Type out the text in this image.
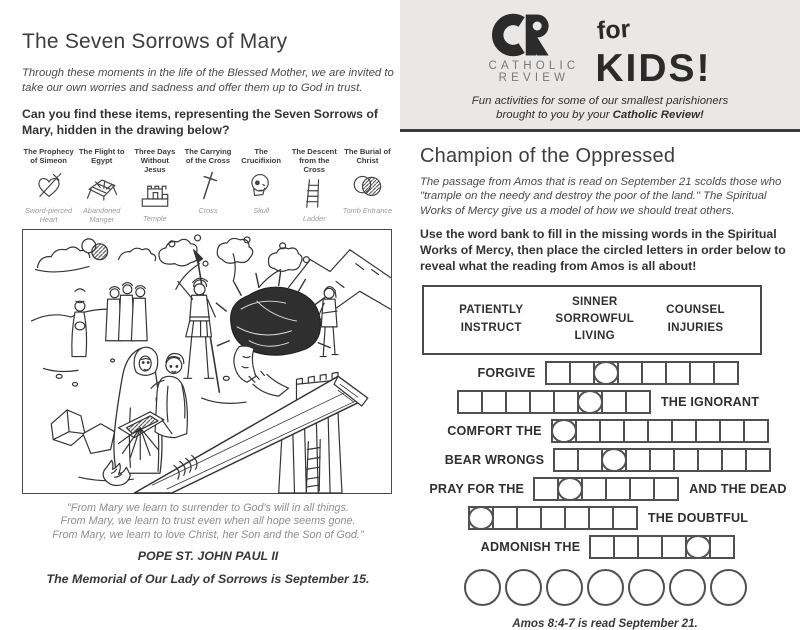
The Seven Sorrows of Mary

Through these moments in the life of the Blessed Mother, we are invited to take our own worries and sadness and offer them up to God in trust.

Can you find these items, representing the Seven Sorrows of Mary, hidden in the drawing below?

The Prophecy of Simeon
Sword-pierced Heart
The Flight to Egypt
Abandoned Manger
Three Days Without Jesus
Temple
The Carrying of the Cross
Cross
The Crucifixion
Skull
The Descent from the Cross
Ladder
The Burial of Christ
Tomb Entrance
"From Mary we learn to surrender to God's will in all things.
From Mary, we learn to trust even when all hope seems gone.
From Mary, we learn to love Christ, her Son and the Son of God."

POPE ST. JOHN PAUL II

The Memorial of Our Lady of Sorrows is September 15.

CATHOLIC
REVIEW
for
KIDS!
Fun activities for some of our smallest parishioners
brought to you by your Catholic Review!
Champion of the Oppressed

The passage from Amos that is read on September 21 scolds those who "trample on the needy and destroy the poor of the land." The Spiritual Works of Mercy give us a model of how we should treat others.

Use the word bank to fill in the missing words in the Spiritual Works of Mercy, then place the circled letters in order below to reveal what the reading from Amos is all about!

PATIENTLY
INSTRUCT
SINNER
SORROWFUL
LIVING
COUNSEL
INJURIES
FORGIVE
THE IGNORANT
COMFORT THE
BEAR WRONGS
PRAY FOR THE	AND THE DEAD
THE DOUBTFUL
ADMONISH THE

Amos 8:4-7 is read September 21.
